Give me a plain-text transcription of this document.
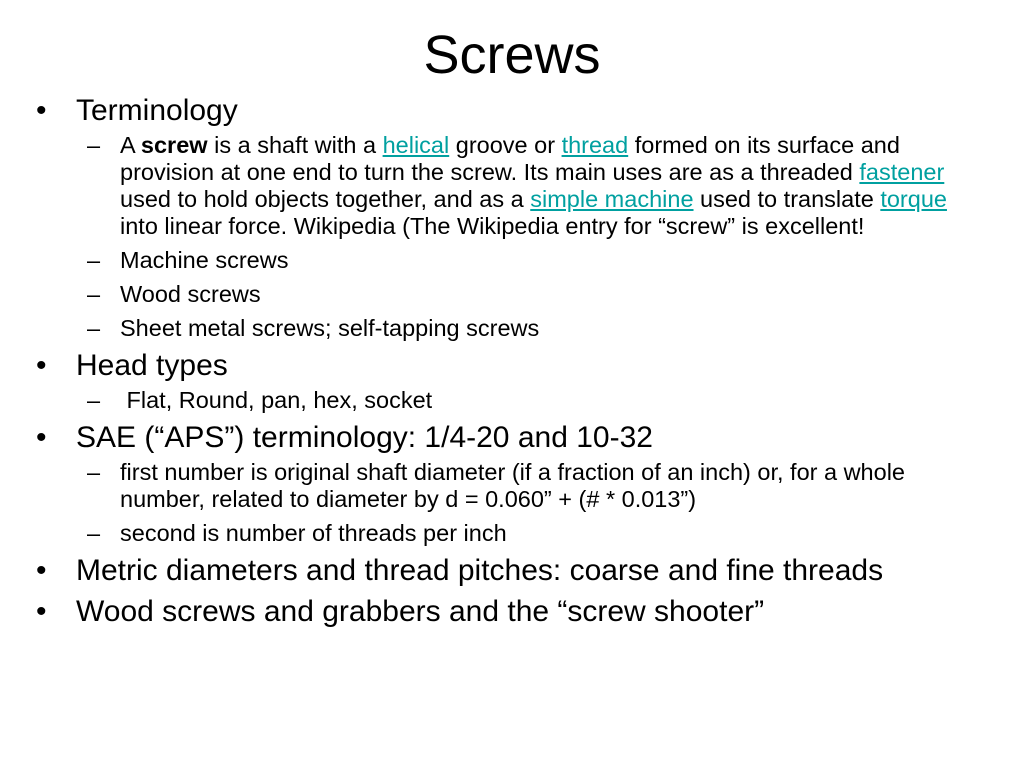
Screws
• Terminology
– A screw is a shaft with a helical groove or thread formed on its surface and provision at one end to turn the screw. Its main uses are as a threaded fastener used to hold objects together, and as a simple machine used to translate torque into linear force. Wikipedia (The Wikipedia entry for “screw” is excellent!
– Machine screws
– Wood screws
– Sheet metal screws; self-tapping screws
• Head types
– Flat, Round, pan, hex, socket
• SAE (“APS”) terminology: 1/4-20 and 10-32
– first number is original shaft diameter (if a fraction of an inch) or, for a whole number, related to diameter by d = 0.060” + (# * 0.013”)
– second is number of threads per inch
• Metric diameters and thread pitches: coarse and fine threads
• Wood screws and grabbers and the “screw shooter”
